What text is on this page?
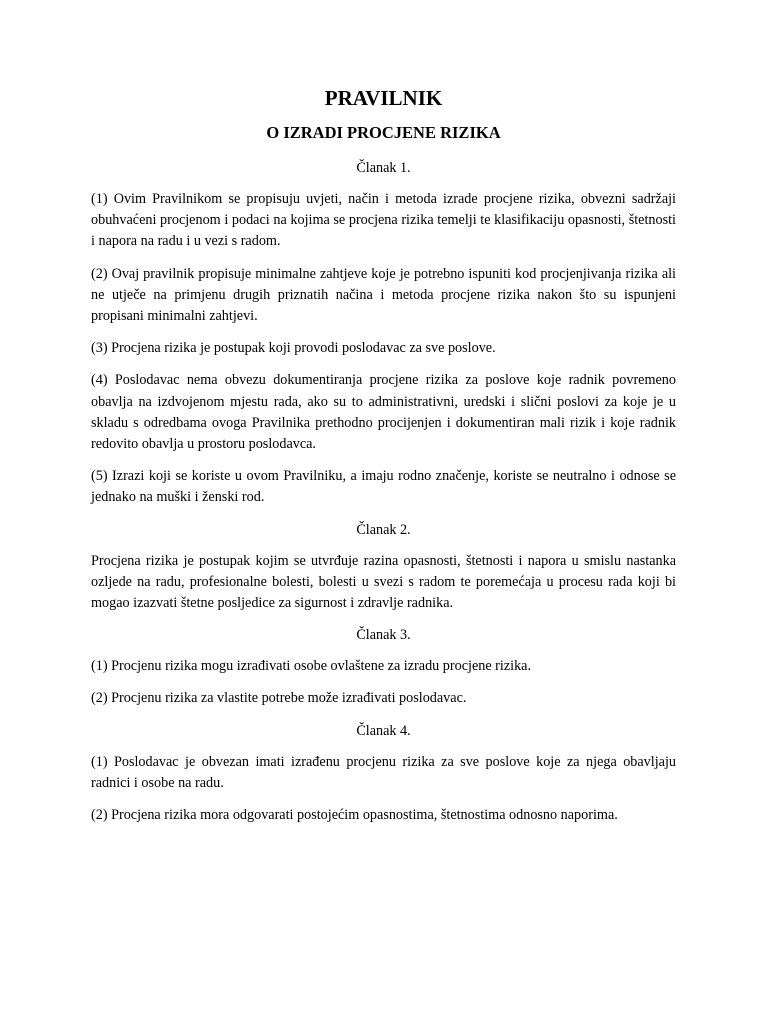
PRAVILNIK
O IZRADI PROCJENE RIZIKA
Članak 1.

(1) Ovim Pravilnikom se propisuju uvjeti, način i metoda izrade procjene rizika, obvezni sadržaji obuhvaćeni procjenom i podaci na kojima se procjena rizika temelji te klasifikaciju opasnosti, štetnosti i napora na radu i u vezi s radom.

(2) Ovaj pravilnik propisuje minimalne zahtjeve koje je potrebno ispuniti kod procjenjivanja rizika ali ne utječe na primjenu drugih priznatih načina i metoda procjene rizika nakon što su ispunjeni propisani minimalni zahtjevi.

(3) Procjena rizika je postupak koji provodi poslodavac za sve poslove.

(4) Poslodavac nema obvezu dokumentiranja procjene rizika za poslove koje radnik povremeno obavlja na izdvojenom mjestu rada, ako su to administrativni, uredski i slični poslovi za koje je u skladu s odredbama ovoga Pravilnika prethodno procijenjen i dokumentiran mali rizik i koje radnik redovito obavlja u prostoru poslodavca.

(5) Izrazi koji se koriste u ovom Pravilniku, a imaju rodno značenje, koriste se neutralno i odnose se jednako na muški i ženski rod.

Članak 2.

Procjena rizika je postupak kojim se utvrđuje razina opasnosti, štetnosti i napora u smislu nastanka ozljede na radu, profesionalne bolesti, bolesti u svezi s radom te poremećaja u procesu rada koji bi mogao izazvati štetne posljedice za sigurnost i zdravlje radnika.

Članak 3.

(1) Procjenu rizika mogu izrađivati osobe ovlaštene za izradu procjene rizika.

(2) Procjenu rizika za vlastite potrebe može izrađivati poslodavac.

Članak 4.

(1) Poslodavac je obvezan imati izrađenu procjenu rizika za sve poslove koje za njega obavljaju radnici i osobe na radu.

(2) Procjena rizika mora odgovarati postojećim opasnostima, štetnostima odnosno naporima.
